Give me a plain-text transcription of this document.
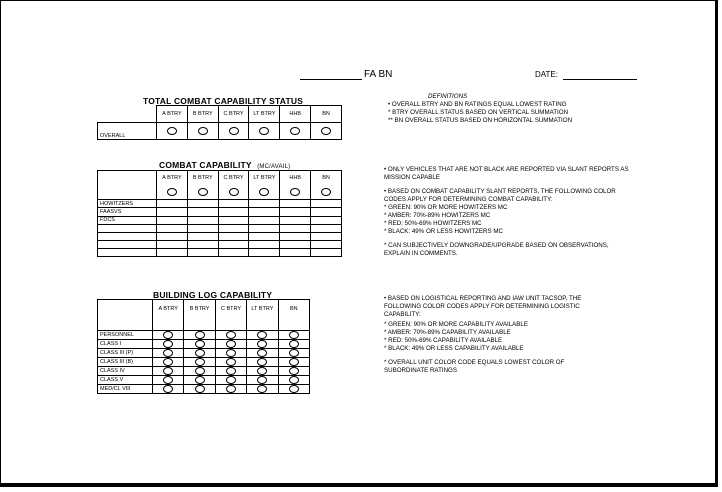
FA BN	DATE:

DEFINITIONS

• OVERALL BTRY AND BN RATINGS EQUAL LOWEST RATING

* BTRY OVERALL STATUS BASED ON VERTICAL SUMMATION

** BN OVERALL STATUS BASED ON HORIZONTAL SUMMATION

TOTAL COMBAT CAPABILITY STATUS
	A BTRY	B BTRY	C BTRY	LT BTRY	HHB	BN
OVERALL						
COMBAT CAPABILITY (MC/AVAIL)

	A BTRY	B BTRY	C BTRY	LT BTRY	HHB	BN

HOWITZERS						
FAASVS						
FDCS						

• ONLY VEHICLES THAT ARE NOT BLACK ARE REPORTED VIA SLANT REPORTS AS MISSION CAPABLE

• BASED ON COMBAT CAPABILITY SLANT REPORTS, THE FOLLOWING COLOR CODES APPLY FOR DETERMINING COMBAT CAPABILITY:

* GREEN: 90% OR MORE HOWITZERS MC

* AMBER: 70%-89% HOWITZERS MC

* RED: 50%-69% HOWITZERS MC

* BLACK: 49% OR LESS HOWITZERS MC

* CAN SUBJECTIVELY DOWNGRADE/UPGRADE BASED ON OBSERVATIONS, EXPLAIN IN COMMENTS.

BUILDING LOG CAPABILITY
	A BTRY	B BTRY	C BTRY	LT BTRY	BN
PERSONNEL					
CLASS I					
CLASS III (P)					
CLASS III (B)					
CLASS IV					
CLASS V					
MED/CL VIII					

• BASED ON LOGISTICAL REPORTING AND IAW UNIT TACSOP, THE FOLLOWING COLOR CODES APPLY FOR DETERMINING LOGISTIC CAPABILITY:

* GREEN: 90% OR MORE CAPABILITY AVAILABLE

* AMBER: 70%-89% CAPABILITY AVAILABLE

* RED: 50%-69% CAPABILITY AVAILABLE

* BLACK: 49% OR LESS CAPABILITY AVAILABLE

* OVERALL UNIT COLOR CODE EQUALS LOWEST COLOR OF SUBORDINATE RATINGS
